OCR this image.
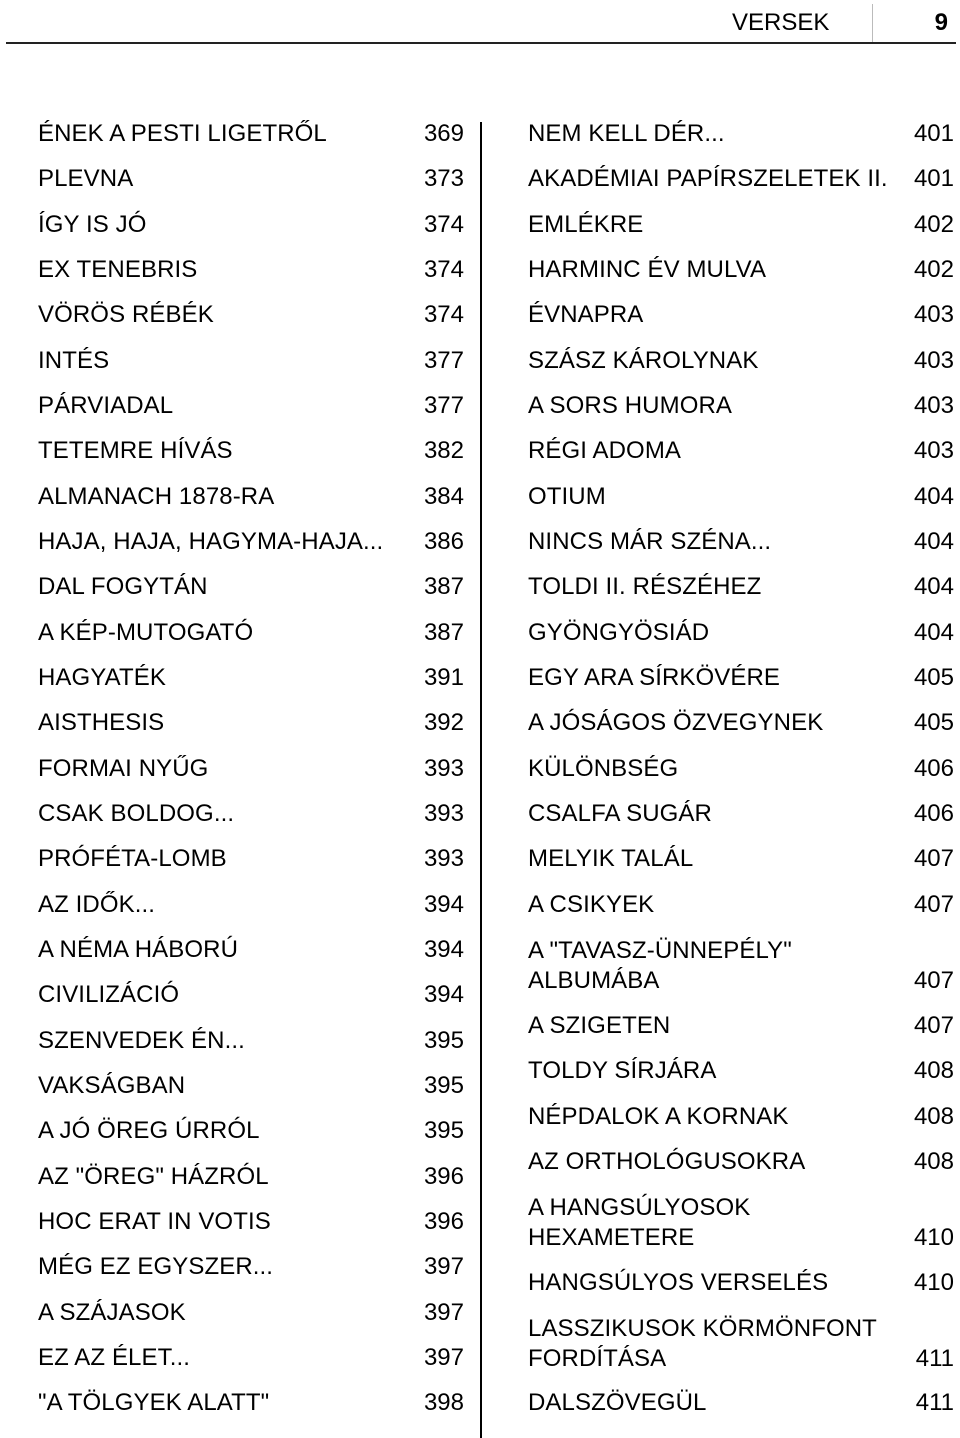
VERSEK	9
ÉNEK A PESTI LIGETRŐL	369
PLEVNA	373
ÍGY IS JÓ	374
EX TENEBRIS	374
VÖRÖS RÉBÉK	374
INTÉS	377
PÁRVIADAL	377
TETEMRE HÍVÁS	382
ALMANACH 1878-RA	384
HAJA, HAJA, HAGYMA-HAJA... 386
DAL FOGYTÁN	387
A KÉP-MUTOGATÓ	387
HAGYATÉK	391
AISTHESIS	392
FORMAI NYŰG	393
CSAK BOLDOG...	393
PRÓFÉTA-LOMB	393
AZ IDŐK...	394
A NÉMA HÁBORÚ	394
CIVILIZÁCIÓ	394
SZENVEDEK ÉN...	395
VAKSÁGBAN	395
A JÓ ÖREG ÚRRÓL	395
AZ "ÖREG" HÁZRÓL	396
HOC ERAT IN VOTIS	396
MÉG EZ EGYSZER...	397
A SZÁJASOK	397
EZ AZ ÉLET...	397
"A TÖLGYEK ALATT"	398
NEM KELL DÉR...	401
AKADÉMIAI PAPÍRSZELETEK II. 401
EMLÉKRE	402
HARMINC ÉV MULVA	402
ÉVNAPRA	403
SZÁSZ KÁROLYNAK	403
A SORS HUMORA	403
RÉGI ADOMA	403
OTIUM	404
NINCS MÁR SZÉNA...	404
TOLDI II. RÉSZÉHEZ	404
GYÖNGYÖSIÁD	404
EGY ARA SÍRKÖVÉRE	405
A JÓSÁGOS ÖZVEGYNEK	405
KÜLÖNBSÉG	406
CSALFA SUGÁR	406
MELYIK TALÁL	407
A CSIKYEK	407
A "TAVASZ-ÜNNEPÉLY"
ALBUMÁBA	407
A SZIGETEN	407
TOLDY SÍRJÁRA	408
NÉPDALOK A KORNAK	408
AZ ORTHOLÓGUSOKRA	408
A HANGSÚLYOSOK
HEXAMETERE	410
HANGSÚLYOS VERSELÉS	410
LASSZIKUSOK KÖRMÖNFONT
FORDÍTÁSA	411
DALSZÖVEGÜL	411
